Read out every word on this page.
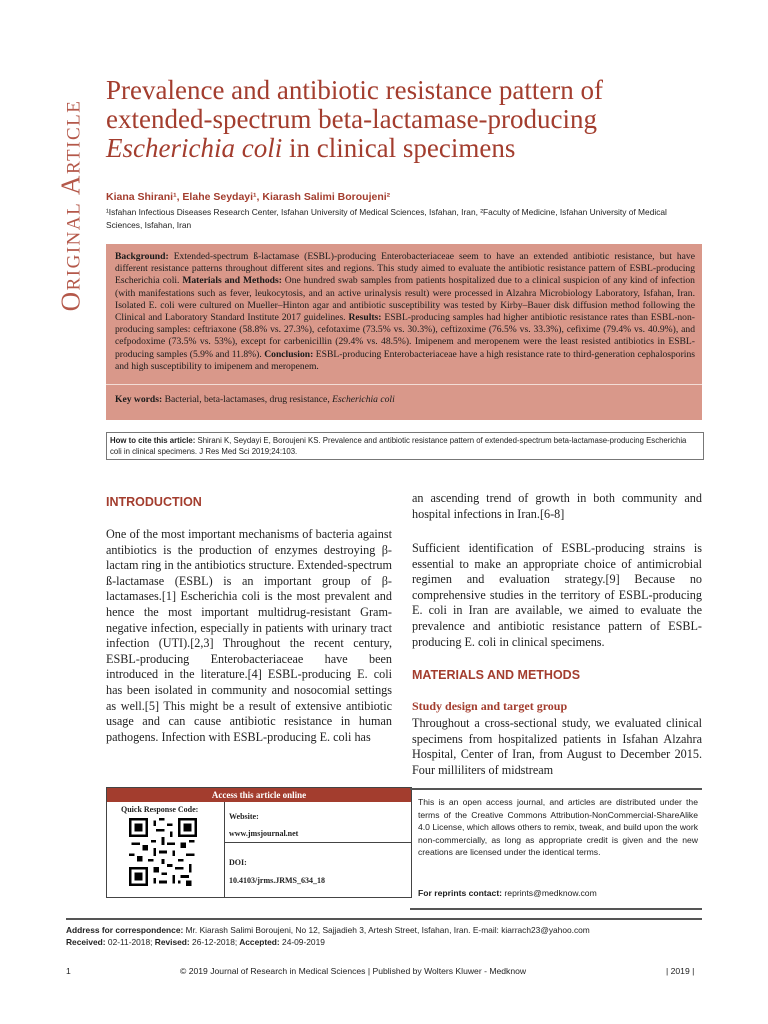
Original Article
Prevalence and antibiotic resistance pattern of
extended-spectrum beta-lactamase-producing
Escherichia coli in clinical specimens
Kiana Shirani¹, Elahe Seydayi¹, Kiarash Salimi Boroujeni²
¹Isfahan Infectious Diseases Research Center, Isfahan University of Medical Sciences, Isfahan, Iran, ²Faculty of Medicine, Isfahan University of Medical Sciences, Isfahan, Iran
Background: Extended-spectrum ß-lactamase (ESBL)-producing Enterobacteriaceae seem to have an extended antibiotic resistance, but have different resistance patterns throughout different sites and regions. This study aimed to evaluate the antibiotic resistance pattern of ESBL-producing Escherichia coli. Materials and Methods: One hundred swab samples from patients hospitalized due to a clinical suspicion of any kind of infection (with manifestations such as fever, leukocytosis, and an active urinalysis result) were processed in Alzahra Microbiology Laboratory, Isfahan, Iran. Isolated E. coli were cultured on Mueller–Hinton agar and antibiotic susceptibility was tested by Kirby–Bauer disk diffusion method following the Clinical and Laboratory Standard Institute 2017 guidelines. Results: ESBL-producing samples had higher antibiotic resistance rates than ESBL-non-producing samples: ceftriaxone (58.8% vs. 27.3%), cefotaxime (73.5% vs. 30.3%), ceftizoxime (76.5% vs. 33.3%), cefixime (79.4% vs. 40.9%), and cefpodoxime (73.5% vs. 53%), except for carbenicillin (29.4% vs. 48.5%). Imipenem and meropenem were the least resisted antibiotics in ESBL-producing samples (5.9% and 11.8%). Conclusion: ESBL-producing Enterobacteriaceae have a high resistance rate to third-generation cephalosporins and high susceptibility to imipenem and meropenem.
Key words: Bacterial, beta-lactamases, drug resistance, Escherichia coli
How to cite this article: Shirani K, Seydayi E, Boroujeni KS. Prevalence and antibiotic resistance pattern of extended-spectrum beta-lactamase-producing Escherichia coli in clinical specimens. J Res Med Sci 2019;24:103.
INTRODUCTION
One of the most important mechanisms of bacteria against antibiotics is the production of enzymes destroying β-lactam ring in the antibiotics structure. Extended-spectrum ß-lactamase (ESBL) is an important group of β-lactamases.[1] Escherichia coli is the most prevalent and hence the most important multidrug-resistant Gram-negative infection, especially in patients with urinary tract infection (UTI).[2,3] Throughout the recent century, ESBL-producing Enterobacteriaceae have been introduced in the literature.[4] ESBL-producing E. coli has been isolated in community and nosocomial settings as well.[5] This might be a result of extensive antibiotic usage and can cause antibiotic resistance in human pathogens. Infection with ESBL-producing E. coli has
an ascending trend of growth in both community and hospital infections in Iran.[6-8]
Sufficient identification of ESBL-producing strains is essential to make an appropriate choice of antimicrobial regimen and evaluation strategy.[9] Because no comprehensive studies in the territory of ESBL-producing E. coli in Iran are available, we aimed to evaluate the prevalence and antibiotic resistance pattern of ESBL-producing E. coli in clinical specimens.
MATERIALS AND METHODS
Study design and target group
Throughout a cross-sectional study, we evaluated clinical specimens from hospitalized patients in Isfahan Alzahra Hospital, Center of Iran, from August to December 2015. Four milliliters of midstream
Access this article online
Quick Response Code:
Website:
www.jmsjournal.net
DOI:
10.4103/jrms.JRMS_634_18
This is an open access journal, and articles are distributed under the terms of the Creative Commons Attribution-NonCommercial-ShareAlike 4.0 License, which allows others to remix, tweak, and build upon the work non-commercially, as long as appropriate credit is given and the new creations are licensed under the identical terms.
For reprints contact: reprints@medknow.com
Address for correspondence: Mr. Kiarash Salimi Boroujeni, No 12, Sajjadieh 3, Artesh Street, Isfahan, Iran. E-mail: kiarrach23@yahoo.com
Received: 02-11-2018; Revised: 26-12-2018; Accepted: 24-09-2019
1	© 2019 Journal of Research in Medical Sciences | Published by Wolters Kluwer - Medknow	| 2019 |
